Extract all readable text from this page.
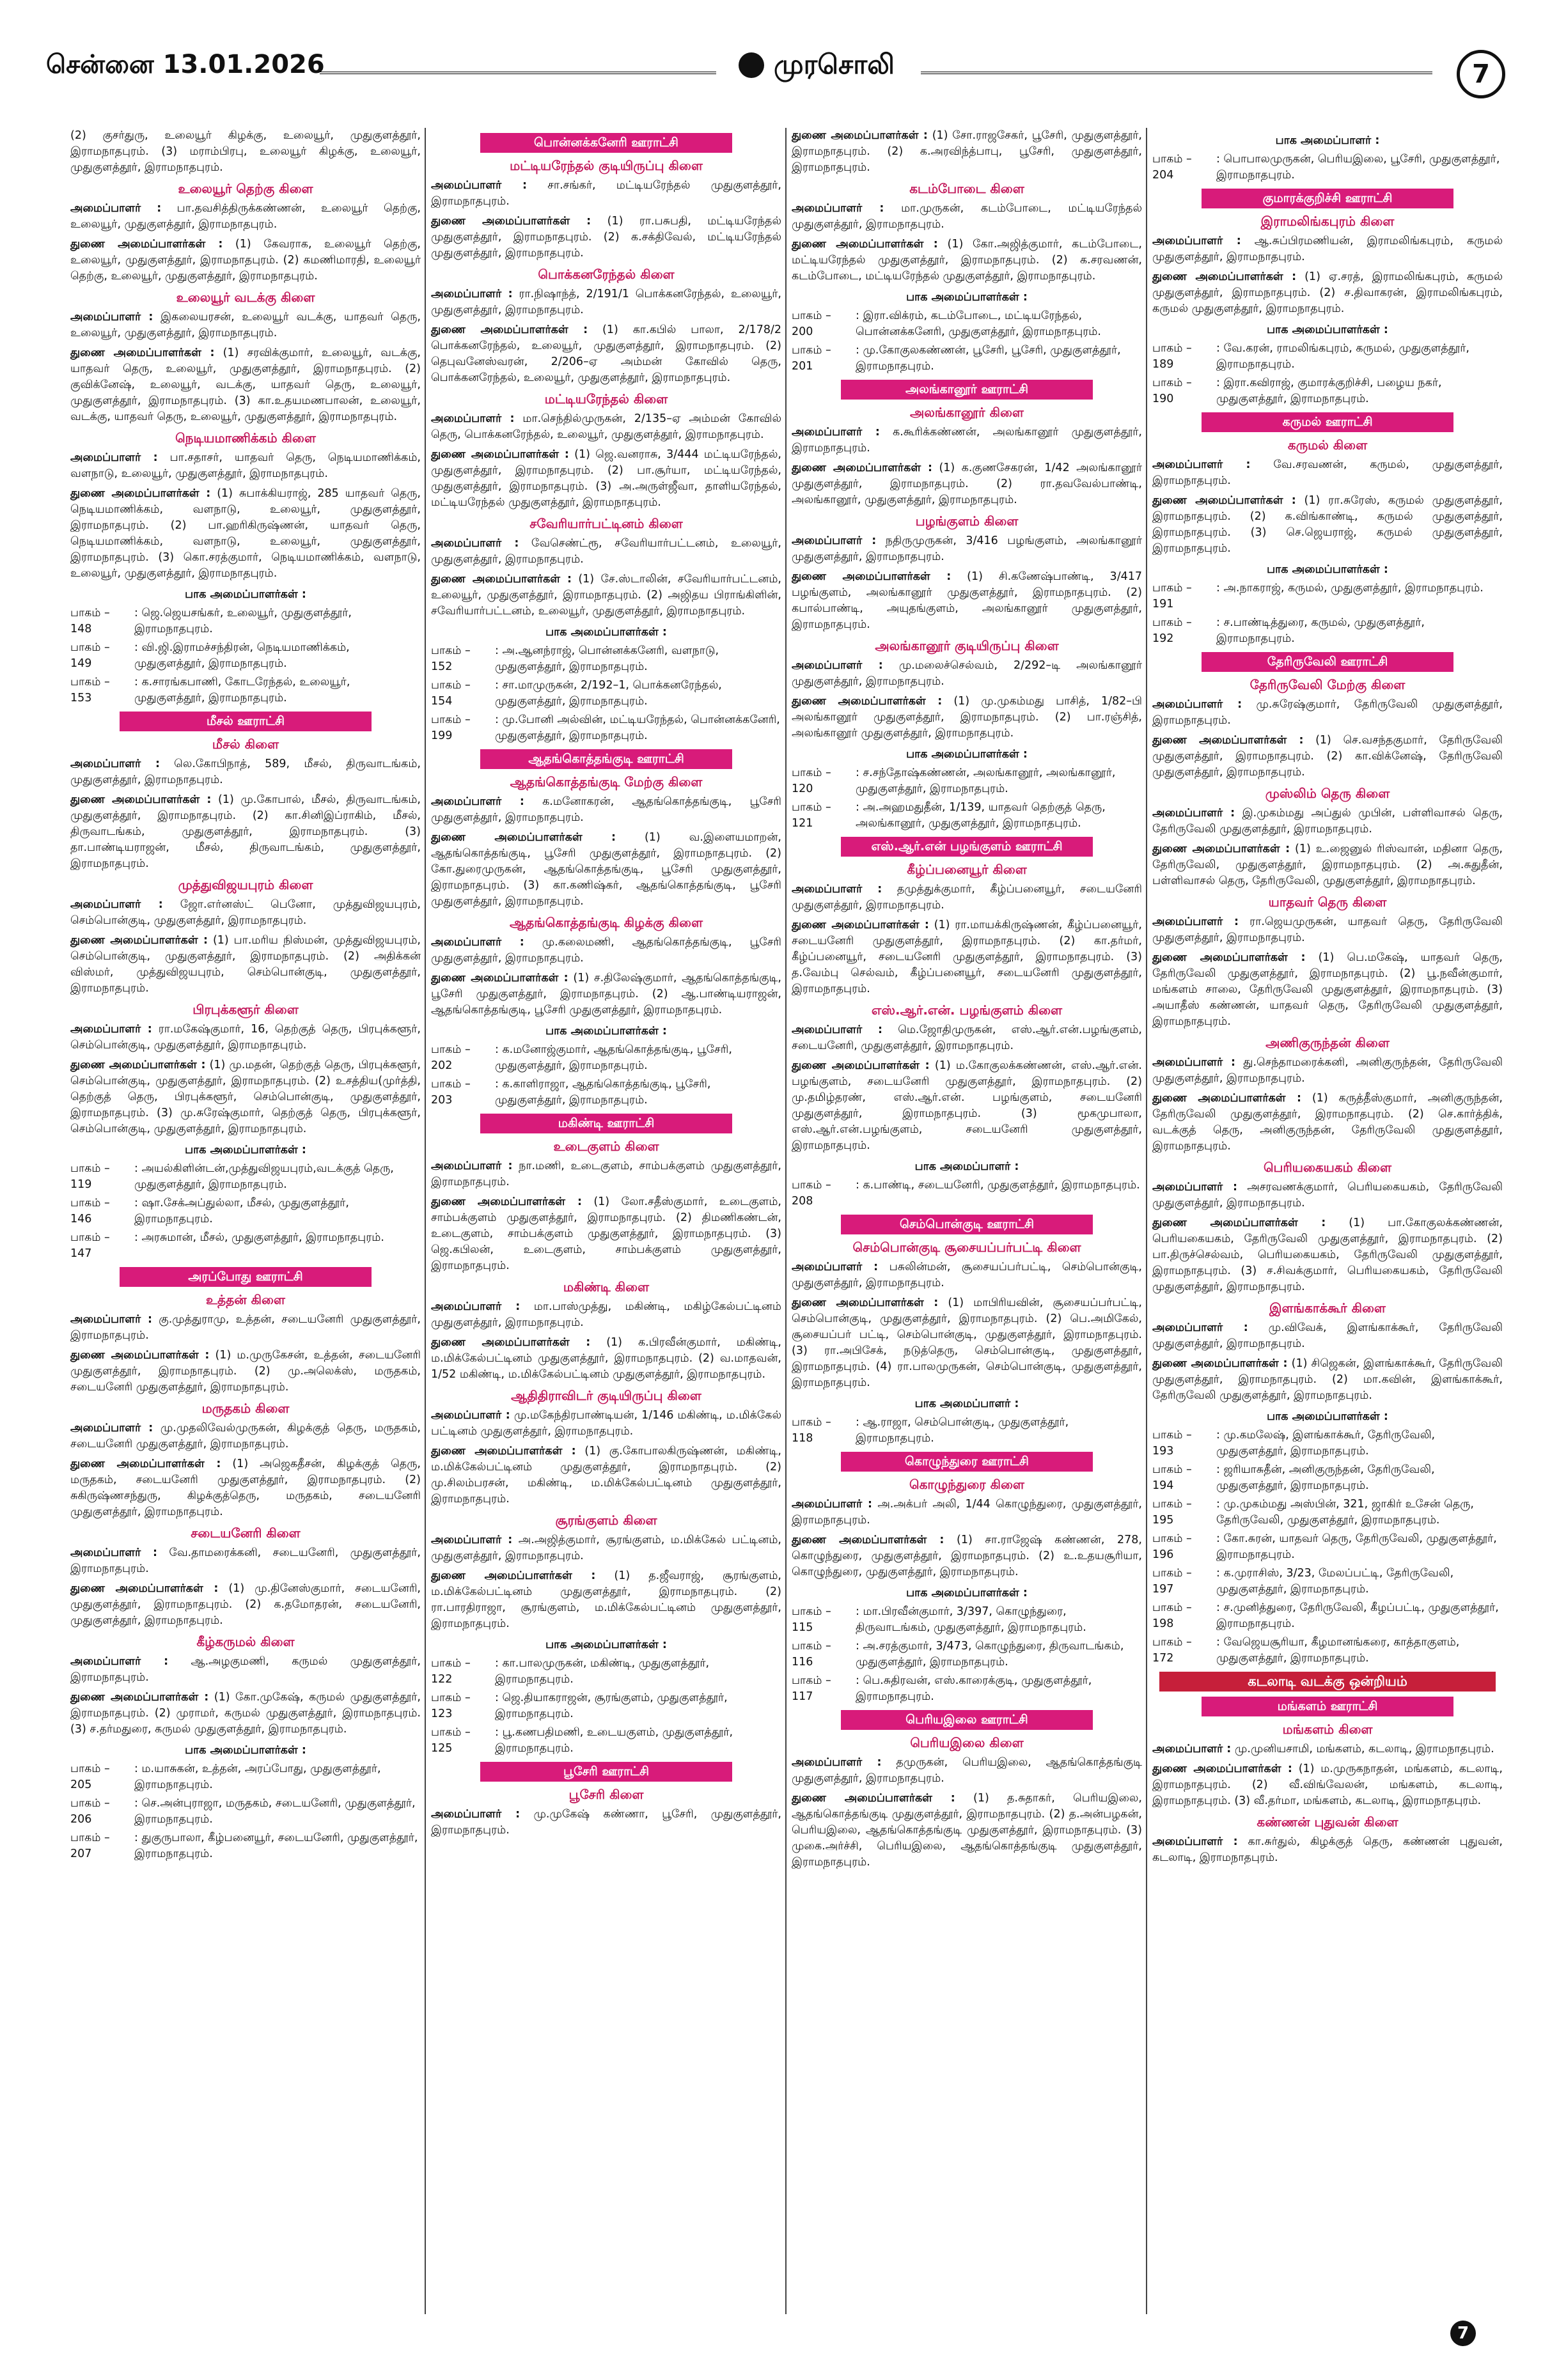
சென்னை 13.01.2026	முரசொலி	7

(2) குசர்துரு, உலையூர் கிழக்கு, உலையூர், முதுகுளத்தூர், இராமநாதபுரம். (3) மராம்பிரபு, உலையூர் கிழக்கு, உலையூர், முதுகுளத்தூர், இராமநாதபுரம்.

உலையூர் தெற்கு கிளை

அமைப்பாளர் : பா.தவசித்திருக்கண்ணன், உலையூர் தெற்கு, உலையூர், முதுகுளத்தூர், இராமநாதபுரம்.

துணை அமைப்பாளர்கள் : (1) கேவராக, உலையூர் தெற்கு, உலையூர், முதுகுளத்தூர், இராமநாதபுரம். (2) கமணிமாரதி, உலையூர் தெற்கு, உலையூர், முதுகுளத்தூர், இராமநாதபுரம்.

உலையூர் வடக்கு கிளை

அமைப்பாளர் : இகலையரசன், உலையூர் வடக்கு, யாதவர் தெரு, உலையூர், முதுகுளத்தூர், இராமநாதபுரம்.

துணை அமைப்பாளர்கள் : (1) சரவிக்குமார், உலையூர், வடக்கு, யாதவர் தெரு, உலையூர், முதுகுளத்தூர், இராமநாதபுரம். (2) குவிக்னேஷ், உலையூர், வடக்கு, யாதவர் தெரு, உலையூர், முதுகுளத்தூர், இராமநாதபுரம். (3) கா.உதயமணபாலன், உலையூர், வடக்கு, யாதவர் தெரு, உலையூர், முதுகுளத்தூர், இராமநாதபுரம்.

நெடியமாணிக்கம் கிளை

அமைப்பாளர் : பா.சதாசர், யாதவர் தெரு, நெடியமாணிக்கம், வளநாடு, உலையூர், முதுகுளத்தூர், இராமநாதபுரம்.

துணை அமைப்பாளர்கள் : (1) சுபாக்கியராஜ், 285 யாதவர் தெரு, நெடியமாணிக்கம், வளநாடு, உலையூர், முதுகுளத்தூர், இராமநாதபுரம். (2) பா.ஹரிகிருஷ்ணன், யாதவர் தெரு, நெடியமாணிக்கம், வளநாடு, உலையூர், முதுகுளத்தூர், இராமநாதபுரம். (3) கொ.சரத்குமார், நெடியமாணிக்கம், வளநாடு, உலையூர், முதுகுளத்தூர், இராமநாதபுரம்.

பாக அமைப்பாளர்கள் :
பாகம் – 148
: ஜெ.ஜெயசங்கர், உலையூர், முதுகுளத்தூர், இராமநாதபுரம்.
பாகம் – 149
: வி.ஜி.இராமச்சந்திரன், நெடியமாணிக்கம், முதுகுளத்தூர், இராமநாதபுரம்.
பாகம் – 153
: க.சாரங்கபாணி, கோடரேந்தல், உலையூர், முதுகுளத்தூர், இராமநாதபுரம்.
மீசல் ஊராட்சி
மீசல் கிளை

அமைப்பாளர் : லெ.கோபிநாத், 589, மீசல், திருவாடங்கம், முதுகுளத்தூர், இராமநாதபுரம்.

துணை அமைப்பாளர்கள் : (1) மு.கோபால், மீசல், திருவாடங்கம், முதுகுளத்தூர், இராமநாதபுரம். (2) கா.சினிஇப்ராகிம், மீசல், திருவாடங்கம், முதுகுளத்தூர், இராமநாதபுரம். (3) தா.பாண்டியராஜன், மீசல், திருவாடங்கம், முதுகுளத்தூர், இராமநாதபுரம்.

முத்துவிஜயபுரம் கிளை

அமைப்பாளர் : ஜோ.எர்னஸ்ட் பெனோ, முத்துவிஜயபுரம், செம்பொன்குடி, முதுகுளத்தூர், இராமநாதபுரம்.

துணை அமைப்பாளர்கள் : (1) பா.மரிய நிஸ்மன், முத்துவிஜயபுரம், செம்பொன்குடி, முதுகுளத்தூர், இராமநாதபுரம். (2) அதிக்கன் விஸ்மர், முத்துவிஜயபுரம், செம்பொன்குடி, முதுகுளத்தூர், இராமநாதபுரம்.

பிரபுக்களூர் கிளை

அமைப்பாளர் : ரா.மகேஷ்குமார், 16, தெற்குத் தெரு, பிரபுக்களூர், செம்பொன்குடி, முதுகுளத்தூர், இராமநாதபுரம்.

துணை அமைப்பாளர்கள் : (1) மு.மதன், தெற்குத் தெரு, பிரபுக்களூர், செம்பொன்குடி, முதுகுளத்தூர், இராமநாதபுரம். (2) உசத்திய(முர்த்தி, தெற்குத் தெரு, பிரபுக்களூர், செம்பொன்குடி, முதுகுளத்தூர், இராமநாதபுரம். (3) மு.சுரேஷ்குமார், தெற்குத் தெரு, பிரபுக்களூர், செம்பொன்குடி, முதுகுளத்தூர், இராமநாதபுரம்.

பாக அமைப்பாளர்கள் :
பாகம் – 119
: அயல்கிளின்டன்,முத்துவிஜயபுரம்,வடக்குத் தெரு, முதுகுளத்தூர், இராமநாதபுரம்.
பாகம் – 146
: ஷா.சேக்அப்துல்லா, மீசல், முதுகுளத்தூர், இராமநாதபுரம்.
பாகம் – 147
: அரசுமான், மீசல், முதுகுளத்தூர், இராமநாதபுரம்.
அரப்போது ஊராட்சி
உத்தன் கிளை

அமைப்பாளர் : கு.முத்துராமு, உத்தன், சடையனேரி முதுகுளத்தூர், இராமநாதபுரம்.

துணை அமைப்பாளர்கள் : (1) ம.முருகேசன், உத்தன், சடையனேரி முதுகுளத்தூர், இராமநாதபுரம். (2) மு.அலெக்ஸ், மருதகம், சடையனேரி முதுகுளத்தூர், இராமநாதபுரம்.

மருதகம் கிளை

அமைப்பாளர் : மு.முதலிவேல்முருகன், கிழக்குத் தெரு, மருதகம், சடையனேரி முதுகுளத்தூர், இராமநாதபுரம்.

துணை அமைப்பாளர்கள் : (1) அஜெகதீசன், கிழக்குத் தெரு, மருதகம், சடையனேரி முதுகுளத்தூர், இராமநாதபுரம். (2) சுகிருஷ்ணசந்துரு, கிழக்குத்தெரு, மருதகம், சடையனேரி முதுகுளத்தூர், இராமநாதபுரம்.

சடையனேரி கிளை

அமைப்பாளர் : வே.தாமரைக்கனி, சடையனேரி, முதுகுளத்தூர், இராமநாதபுரம்.

துணை அமைப்பாளர்கள் : (1) மு.தினேஸ்குமார், சடையனேரி, முதுகுளத்தூர், இராமநாதபுரம். (2) க.தமோதரன், சடையனேரி, முதுகுளத்தூர், இராமநாதபுரம்.

கீழ்கருமல் கிளை

அமைப்பாளர் : ஆ.அழகுமணி, கருமல் முதுகுளத்தூர், இராமநாதபுரம்.

துணை அமைப்பாளர்கள் : (1) கோ.முகேஷ், கருமல் முதுகுளத்தூர், இராமநாதபுரம். (2) முராமர், கருமல் முதுகுளத்தூர், இராமநாதபுரம். (3) ச.தர்மதுரை, கருமல் முதுகுளத்தூர், இராமநாதபுரம்.

பாக அமைப்பாளர்கள் :
பாகம் – 205
: ம.யாசுகன், உத்தன், அரப்போது, முதுகுளத்தூர், இராமநாதபுரம்.
பாகம் – 206
: செ.அன்புராஜா, மருதகம், சடையனேரி, முதுகுளத்தூர், இராமநாதபுரம்.
பாகம் – 207
: துகுருபாலா, கீழ்பனையூர், சடையனேரி, முதுகுளத்தூர், இராமநாதபுரம்.
பொன்னக்கனேரி ஊராட்சி
மட்டியரேந்தல் குடியிருப்பு கிளை

அமைப்பாளர் : சா.சங்கர், மட்டியரேந்தல் முதுகுளத்தூர், இராமநாதபுரம்.

துணை அமைப்பாளர்கள் : (1) ரா.பசுபதி, மட்டியரேந்தல் முதுகுளத்தூர், இராமநாதபுரம். (2) க.சக்திவேல், மட்டியரேந்தல் முதுகுளத்தூர், இராமநாதபுரம்.

பொக்கனரேந்தல் கிளை

அமைப்பாளர் : ரா.நிஷாந்த், 2/191/1 பொக்கனரேந்தல், உலையூர், முதுகுளத்தூர், இராமநாதபுரம்.

துணை அமைப்பாளர்கள் : (1) கா.கபில் பாலா, 2/178/2 பொக்கனரேந்தல், உலையூர், முதுகுளத்தூர், இராமநாதபுரம். (2) தெபுவனேஸ்வரன், 2/206–ஏ அம்மன் கோவில் தெரு, பொக்கனரேந்தல், உலையூர், முதுகுளத்தூர், இராமநாதபுரம்.

மட்டியரேந்தல் கிளை

அமைப்பாளர் : மா.செந்தில்முருகன், 2/135–ஏ அம்மன் கோவில் தெரு, பொக்கனரேந்தல், உலையூர், முதுகுளத்தூர், இராமநாதபுரம்.

துணை அமைப்பாளர்கள் : (1) ஜெ.வனராசு, 3/444 மட்டியரேந்தல், முதுகுளத்தூர், இராமநாதபுரம். (2) பா.சூர்யா, மட்டியரேந்தல், முதுகுளத்தூர், இராமநாதபுரம். (3) அ.அருள்ஜீவா, தாளியரேந்தல், மட்டியரேந்தல் முதுகுளத்தூர், இராமநாதபுரம்.

சவேரியார்பட்டினம் கிளை

அமைப்பாளர் : வேசெண்ட்ரூ, சவேரியார்பட்டனம், உலையூர், முதுகுளத்தூர், இராமநாதபுரம்.

துணை அமைப்பாளர்கள் : (1) சே.ஸ்டாலின், சவேரியார்பட்டனம், உலையூர், முதுகுளத்தூர், இராமநாதபுரம். (2) அஜிதய பிராங்கிளின், சவேரியார்பட்டனம், உலையூர், முதுகுளத்தூர், இராமநாதபுரம்.

பாக அமைப்பாளர்கள் :
பாகம் – 152
: அ.ஆனந்ராஜ், பொன்னக்கனேரி, வளநாடு, முதுகுளத்தூர், இராமநாதபுரம்.
பாகம் – 154
: சா.மாமுருகன், 2/192–1, பொக்கனரேந்தல், முதுகுளத்தூர், இராமநாதபுரம்.
பாகம் – 199
: மு.போனி அல்வின், மட்டியரேந்தல், பொன்னக்கனேரி, முதுகுளத்தூர், இராமநாதபுரம்.
ஆதங்கொத்தங்குடி ஊராட்சி
ஆதங்கொத்தங்குடி மேற்கு கிளை

அமைப்பாளர் : க.மனோகரன், ஆதங்கொத்தங்குடி, பூசேரி முதுகுளத்தூர், இராமநாதபுரம்.

துணை அமைப்பாளர்கள் :	(1) வ.இளையமாறன், ஆதங்கொத்தங்குடி, பூசேரி முதுகுளத்தூர், இராமநாதபுரம். (2) கோ.துரைமுருகன், ஆதங்கொத்தங்குடி, பூசேரி முதுகுளத்தூர், இராமநாதபுரம். (3) கா.கணிஷ்கர், ஆதங்கொத்தங்குடி, பூசேரி முதுகுளத்தூர், இராமநாதபுரம்.

ஆதங்கொத்தங்குடி கிழக்கு கிளை

அமைப்பாளர் : மு.கலைமணி, ஆதங்கொத்தங்குடி, பூசேரி முதுகுளத்தூர், இராமநாதபுரம்.

துணை அமைப்பாளர்கள் : (1) ச.திலேஷ்குமார், ஆதங்கொத்தங்குடி, பூசேரி முதுகுளத்தூர், இராமநாதபுரம். (2) ஆ.பாண்டியராஜன், ஆதங்கொத்தங்குடி, பூசேரி முதுகுளத்தூர், இராமநாதபுரம்.

பாக அமைப்பாளர்கள் :
பாகம் – 202
: க.மனோஜ்குமார், ஆதங்கொத்தங்குடி, பூசேரி, முதுகுளத்தூர், இராமநாதபுரம்.
பாகம் – 203
: க.காளிராஜா, ஆதங்கொத்தங்குடி, பூசேரி, முதுகுளத்தூர், இராமநாதபுரம்.
மகிண்டி ஊராட்சி
உடைகுளம் கிளை

அமைப்பாளர் : நா.மணி, உடைகுளம், சாம்பக்குளம் முதுகுளத்தூர், இராமநாதபுரம்.

துணை அமைப்பாளர்கள் : (1) லோ.சதீஸ்குமார், உடைகுளம், சாம்பக்குளம் முதுகுளத்தூர், இராமநாதபுரம். (2) திமணிகண்டன், உடைகுளம், சாம்பக்குளம் முதுகுளத்தூர், இராமநாதபுரம். (3) ஜெ.கபிலன், உடைகுளம், சாம்பக்குளம் முதுகுளத்தூர், இராமநாதபுரம்.

மகிண்டி கிளை

அமைப்பாளர் : மா.பாஸ்முத்து, மகிண்டி, மகிழ்கேல்பட்டினம் முதுகுளத்தூர், இராமநாதபுரம்.

துணை அமைப்பாளர்கள் : (1) க.பிரவீன்குமார், மகிண்டி, ம.மிக்கேல்பட்டினம் முதுகுளத்தூர், இராமநாதபுரம். (2) வ.மாதவன், 1/52 மகிண்டி, ம.மிக்கேல்பட்டினம் முதுகுளத்தூர், இராமநாதபுரம்.

ஆதிதிராவிடர் குடியிருப்பு கிளை

அமைப்பாளர் : மு.மகேந்திரபாண்டியன், 1/146 மகிண்டி, ம.மிக்கேல் பட்டினம் முதுகுளத்தூர், இராமநாதபுரம்.

துணை அமைப்பாளர்கள் : (1) கு.கோபாலகிருஷ்ணன், மகிண்டி, ம.மிக்கேல்பட்டினம் முதுகுளத்தூர், இராமநாதபுரம். (2) மு.சிலம்பரசன், மகிண்டி, ம.மிக்கேல்பட்டினம் முதுகுளத்தூர், இராமநாதபுரம்.

சூரங்குளம் கிளை

அமைப்பாளர் : அ.அஜித்குமார், சூரங்குளம், ம.மிக்கேல் பட்டினம், முதுகுளத்தூர், இராமநாதபுரம்.

துணை அமைப்பாளர்கள் : (1) த.ஜீவராஜ், சூரங்குளம், ம.மிக்கேல்பட்டினம் முதுகுளத்தூர், இராமநாதபுரம். (2) ரா.பாரதிராஜா, சூரங்குளம், ம.மிக்கேல்பட்டினம் முதுகுளத்தூர், இராமநாதபுரம்.

பாக அமைப்பாளர்கள் :
பாகம் – 122
: கா.பாலமுருகன், மகிண்டி, முதுகுளத்தூர், இராமநாதபுரம்.
பாகம் – 123
: ஜெ.தியாகராஜன், சூரங்குளம், முதுகுளத்தூர், இராமநாதபுரம்.
பாகம் – 125
: பூ.கணபதிமணி, உடையகுளம், முதுகுளத்தூர், இராமநாதபுரம்.
பூசேரி ஊராட்சி
பூசேரி கிளை

அமைப்பாளர் : மு.முகேஷ் கண்ணா, பூசேரி, முதுகுளத்தூர், இராமநாதபுரம்.

துணை அமைப்பாளர்கள் : (1) சோ.ராஜசேகர், பூசேரி, முதுகுளத்தூர், இராமநாதபுரம். (2) க.அரவிந்த்பாபு, பூசேரி, முதுகுளத்தூர், இராமநாதபுரம்.

கடம்போடை கிளை

அமைப்பாளர் : மா.முருகன், கடம்போடை, மட்டியரேந்தல் முதுகுளத்தூர், இராமநாதபுரம்.

துணை அமைப்பாளர்கள் : (1) கோ.அஜித்குமார், கடம்போடை, மட்டியரேந்தல் முதுகுளத்தூர், இராமநாதபுரம். (2) க.சரவணன், கடம்போடை, மட்டியரேந்தல் முதுகுளத்தூர், இராமநாதபுரம்.

பாக அமைப்பாளர்கள் :
பாகம் – 200
: இரா.விக்ரம், கடம்போடை, மட்டியரேந்தல், பொன்னக்கனேரி, முதுகுளத்தூர், இராமநாதபுரம்.
பாகம் – 201
: மு.கோகுலகண்ணன், பூசேரி, பூசேரி, முதுகுளத்தூர், இராமநாதபுரம்.
அலங்கானூர் ஊராட்சி
அலங்கானூர் கிளை

அமைப்பாளர் : க.கூரிக்கண்ணன், அலங்கானூர் முதுகுளத்தூர், இராமநாதபுரம்.

துணை அமைப்பாளர்கள் : (1) க.குணசேகரன், 1/42 அலங்கானூர் முதுகுளத்தூர், இராமநாதபுரம். (2) ரா.தவவேல்பாண்டி, அலங்கானூர், முதுகுளத்தூர், இராமநாதபுரம்.

பழங்குளம் கிளை

அமைப்பாளர் : நதிருமுருகன், 3/416 பழங்குளம், அலங்கானூர் முதுகுளத்தூர், இராமநாதபுரம்.

துணை அமைப்பாளர்கள் : (1) சி.கணேஷ்பாண்டி, 3/417 பழங்குளம், அலங்கானூர் முதுகுளத்தூர், இராமநாதபுரம். (2) கபால்பாண்டி, அயுதங்குளம், அலங்கானூர் முதுகுளத்தூர், இராமநாதபுரம்.

அலங்கானூர் குடியிருப்பு கிளை

அமைப்பாளர் : மு.மலைச்செல்வம், 2/292–டி அலங்கானூர் முதுகுளத்தூர், இராமநாதபுரம்.

துணை அமைப்பாளர்கள் : (1) மு.முகம்மது பாசித், 1/82–பி அலங்கானூர் முதுகுளத்தூர், இராமநாதபுரம். (2) பா.ரஞ்சித், அலங்கானூர் முதுகுளத்தூர், இராமநாதபுரம்.

பாக அமைப்பாளர்கள் :
பாகம் – 120
: ச.சந்தோஷ்கண்ணன், அலங்கானூர், அலங்கானூர், முதுகுளத்தூர், இராமநாதபுரம்.
பாகம் – 121
: அ.அஹமதுதீன், 1/139, யாதவர் தெற்குத் தெரு, அலங்கானூர், முதுகுளத்தூர், இராமநாதபுரம்.
எஸ்.ஆர்.என் பழங்குளம் ஊராட்சி
கீழ்ப்பனையூர் கிளை

அமைப்பாளர் : தமுத்துக்குமார், கீழ்ப்பனையூர், சடையனேரி முதுகுளத்தூர், இராமநாதபுரம்.

துணை அமைப்பாளர்கள் : (1) ரா.மாயக்கிருஷ்ணன், கீழ்ப்பனையூர், சடையனேரி முதுகுளத்தூர், இராமநாதபுரம். (2) கா.தர்மர், கீழ்ப்பனையூர், சடையனேரி முதுகுளத்தூர், இராமநாதபுரம். (3) த.வேம்பு செல்வம், கீழ்ப்பனையூர், சடையனேரி முதுகுளத்தூர், இராமநாதபுரம்.

எஸ்.ஆர்.என். பழங்குளம் கிளை

அமைப்பாளர் : மெ.ஜோதிமுருகன், எஸ்.ஆர்.என்.பழங்குளம், சடையனேரி, முதுகுளத்தூர், இராமநாதபுரம்.

துணை அமைப்பாளர்கள் : (1) ம.கோகுலக்கண்ணன், எஸ்.ஆர்.என். பழங்குளம், சடையனேரி முதுகுளத்தூர், இராமநாதபுரம். (2) மு.தமிழ்தரண், எஸ்.ஆர்.என். பழங்குளம், சடையனேரி முதுகுளத்தூர், இராமநாதபுரம். (3) மூகமுபாலா, எஸ்.ஆர்.என்.பழங்குளம், சடையனேரி முதுகுளத்தூர், இராமநாதபுரம்.

பாக அமைப்பாளர் :
பாகம் – 208
: க.பாண்டி, சடையனேரி, முதுகுளத்தூர், இராமநாதபுரம்.
செம்பொன்குடி ஊராட்சி
செம்பொன்குடி சூசையப்பர்பட்டி கிளை

அமைப்பாளர் : பசுலின்மன், சூசையப்பர்பட்டி, செம்பொன்குடி, முதுகுளத்தூர், இராமநாதபுரம்.

துணை அமைப்பாளர்கள் : (1) மாபிரியவின், சூசையப்பர்பட்டி, செம்பொன்குடி, முதுகுளத்தூர், இராமநாதபுரம். (2) பெ.அமிகேல், சூசையப்பர் பட்டி, செம்பொன்குடி, முதுகுளத்தூர், இராமநாதபுரம். (3) ரா.அபிசேக், நடுத்தெரு, செம்பொன்குடி, முதுகுளத்தூர், இராமநாதபுரம். (4) ரா.பாலமுருகன், செம்பொன்குடி, முதுகுளத்தூர், இராமநாதபுரம்.

பாக அமைப்பாளர் :
பாகம் – 118
: ஆ.ராஜா, செம்பொன்குடி, முதுகுளத்தூர், இராமநாதபுரம்.
கொழுந்துரை ஊராட்சி
கொழுந்துரை கிளை

அமைப்பாளர் : அ.அக்பர் அலி, 1/44 கொழுந்துரை, முதுகுளத்தூர், இராமநாதபுரம்.

துணை அமைப்பாளர்கள் : (1) சா.ராஜேஷ் கண்ணன், 278, கொழுந்துரை, முதுகுளத்தூர், இராமநாதபுரம். (2) உ.உதயசூரியா, கொழுந்துரை, முதுகுளத்தூர், இராமநாதபுரம்.

பாக அமைப்பாளர்கள் :
பாகம் – 115
: மா.பிரவீன்குமார், 3/397, கொழுந்துரை, திருவாடங்கம், முதுகுளத்தூர், இராமநாதபுரம்.
பாகம் – 116
: அ.சரத்குமார், 3/473, கொழுந்துரை, திருவாடங்கம், முதுகுளத்தூர், இராமநாதபுரம்.
பாகம் – 117
: பெ.சுதிரவன், எஸ்.காரைக்குடி, முதுகுளத்தூர், இராமநாதபுரம்.
பெரியஇலை ஊராட்சி
பெரியஇலை கிளை

அமைப்பாளர் : தமுருகன், பெரியஇலை, ஆதங்கொத்தங்குடி முதுகுளத்தூர், இராமநாதபுரம்.

துணை அமைப்பாளர்கள் : (1) த.சுதாகர், பெரியஇலை, ஆதங்கொத்தங்குடி முதுகுளத்தூர், இராமநாதபுரம். (2) த.அன்பழகன், பெரியஇலை, ஆதங்கொத்தங்குடி முதுகுளத்தூர், இராமநாதபுரம். (3) முகை.அர்ச்சி, பெரியஇலை, ஆதங்கொத்தங்குடி முதுகுளத்தூர், இராமநாதபுரம்.

பாக அமைப்பாளர் :
பாகம் – 204
: பொபாலமுருகன், பெரியஇலை, பூசேரி, முதுகுளத்தூர், இராமநாதபுரம்.
குமாரக்குறிச்சி ஊராட்சி
இராமலிங்கபுரம் கிளை

அமைப்பாளர் : ஆ.சுப்பிரமணியன், இராமலிங்கபுரம், கருமல் முதுகுளத்தூர், இராமநாதபுரம்.

துணை அமைப்பாளர்கள் : (1) ஏ.சரத், இராமலிங்கபுரம், கருமல் முதுகுளத்தூர், இராமநாதபுரம். (2) ச.திவாகரன், இராமலிங்கபுரம், கருமல் முதுகுளத்தூர், இராமநாதபுரம்.

பாக அமைப்பாளர்கள் :
பாகம் – 189
: வே.கரன், ராமலிங்கபுரம், கருமல், முதுகுளத்தூர், இராமநாதபுரம்.
பாகம் – 190
: இரா.கவிராஜ், குமாரக்குறிச்சி, பழைய நகர், முதுகுளத்தூர், இராமநாதபுரம்.
கருமல் ஊராட்சி
கருமல் கிளை

அமைப்பாளர் : வே.சரவணன், கருமல், முதுகுளத்தூர், இராமநாதபுரம்.

துணை அமைப்பாளர்கள் : (1) ரா.சுரேஸ், கருமல் முதுகுளத்தூர், இராமநாதபுரம். (2) க.விங்காண்டி, கருமல் முதுகுளத்தூர், இராமநாதபுரம். (3) செ.ஜெயராஜ், கருமல் முதுகுளத்தூர், இராமநாதபுரம்.

பாக அமைப்பாளர்கள் :
பாகம் – 191
: அ.நாகராஜ், கருமல், முதுகுளத்தூர், இராமநாதபுரம்.
பாகம் – 192
: ச.பாண்டித்துரை, கருமல், முதுகுளத்தூர், இராமநாதபுரம்.
தேரிருவேலி ஊராட்சி
தேரிருவேலி மேற்கு கிளை

அமைப்பாளர் : மு.சுரேஷ்குமார், தேரிருவேலி முதுகுளத்தூர், இராமநாதபுரம்.

துணை அமைப்பாளர்கள் : (1) செ.வசந்தகுமார், தேரிருவேலி முதுகுளத்தூர், இராமநாதபுரம். (2) கா.விக்னேஷ், தேரிருவேலி முதுகுளத்தூர், இராமநாதபுரம்.

முஸ்லிம் தெரு கிளை

அமைப்பாளர் : இ.முகம்மது அப்துல் முபின், பள்ளிவாசல் தெரு, தேரிருவேலி முதுகுளத்தூர், இராமநாதபுரம்.

துணை அமைப்பாளர்கள் : (1) உ.ஜைனுல் ரிஸ்வான், மதினா தெரு, தேரிருவேலி, முதுகுளத்தூர், இராமநாதபுரம். (2) அ.சுதுதீன், பள்ளிவாசல் தெரு, தேரிருவேலி, முதுகுளத்தூர், இராமநாதபுரம்.

யாதவர் தெரு கிளை

அமைப்பாளர் : ரா.ஜெயமுருகன், யாதவர் தெரு, தேரிருவேலி முதுகுளத்தூர், இராமநாதபுரம்.

துணை அமைப்பாளர்கள் : (1) பெ.மகேஷ், யாதவர் தெரு, தேரிருவேலி முதுகுளத்தூர், இராமநாதபுரம். (2) பூ.நவீன்குமார், மங்களம் சாலை, தேரிருவேலி முதுகுளத்தூர், இராமநாதபுரம். (3) அயாதீஸ் கண்ணன், யாதவர் தெரு, தேரிருவேலி முதுகுளத்தூர், இராமநாதபுரம்.

அணிகுருந்தன் கிளை

அமைப்பாளர் : து.செந்தாமரைக்கனி, அனிகுருந்தன், தேரிருவேலி முதுகுளத்தூர், இராமநாதபுரம்.

துணை அமைப்பாளர்கள் : (1) கருத்தீஸ்குமார், அனிகுருந்தன், தேரிருவேலி முதுகுளத்தூர், இராமநாதபுரம். (2) செ.கார்த்திக், வடக்குத் தெரு, அனிகுருந்தன், தேரிருவேலி முதுகுளத்தூர், இராமநாதபுரம்.

பெரியகையகம் கிளை

அமைப்பாளர் : அசரவணக்குமார், பெரியகையகம், தேரிருவேலி முதுகுளத்தூர், இராமநாதபுரம்.

துணை அமைப்பாளர்கள் : (1) பா.கோகுலக்கண்ணன், பெரியகையகம், தேரிருவேலி முதுகுளத்தூர், இராமநாதபுரம். (2) பா.திருச்செல்வம், பெரியகையகம், தேரிருவேலி முதுகுளத்தூர், இராமநாதபுரம். (3) ச.சிவக்குமார், பெரியகையகம், தேரிருவேலி முதுகுளத்தூர், இராமநாதபுரம்.

இளங்காக்கூர் கிளை

அமைப்பாளர் : மு.விவேக், இளங்காக்கூர், தேரிருவேலி முதுகுளத்தூர், இராமநாதபுரம்.

துணை அமைப்பாளர்கள் : (1) சிஜெகன், இளங்காக்கூர், தேரிருவேலி முதுகுளத்தூர், இராமநாதபுரம். (2) மா.கவின், இளங்காக்கூர், தேரிருவேலி முதுகுளத்தூர், இராமநாதபுரம்.

பாக அமைப்பாளர்கள் :
பாகம் – 193
: மு.கமலேஷ், இளங்காக்கூர், தேரிருவேலி, முதுகுளத்தூர், இராமநாதபுரம்.
பாகம் – 194
: ஜரியாசுதீன், அனிகுருந்தன், தேரிருவேலி, முதுகுளத்தூர், இராமநாதபுரம்.
பாகம் – 195
: மு.முகம்மது அஸ்பின், 321, ஜாகிர் உசேன் தெரு, தேரிருவேலி, முதுகுளத்தூர், இராமநாதபுரம்.
பாகம் – 196
: கோ.சுரன், யாதவர் தெரு, தேரிருவேலி, முதுகுளத்தூர், இராமநாதபுரம்.
பாகம் – 197
: க.முராசிஸ், 3/23, மேலப்பட்டி, தேரிருவேலி, முதுகுளத்தூர், இராமநாதபுரம்.
பாகம் – 198
: ச.முனித்துரை, தேரிருவேலி, கீழப்பட்டி, முதுகுளத்தூர், இராமநாதபுரம்.
பாகம் – 172
: வேஜெயசூரியா, கீழமானங்கரை, காத்தாகுளம், முதுகுளத்தூர், இராமநாதபுரம்.
கடலாடி வடக்கு ஒன்றியம்
மங்களம் ஊராட்சி
மங்களம் கிளை

அமைப்பாளர் : மு.முனியசாமி, மங்களம், கடலாடி, இராமநாதபுரம்.

துணை அமைப்பாளர்கள் : (1) ம.முருகநாதன், மங்களம், கடலாடி, இராமநாதபுரம். (2) வீ.விங்வேலன், மங்களம், கடலாடி, இராமநாதபுரம். (3) வீ.தர்மா, மங்களம், கடலாடி, இராமநாதபுரம்.

கண்ணன் புதுவன் கிளை

அமைப்பாளர் : கா.சுர்துல், கிழக்குத் தெரு, கண்ணன் புதுவன், கடலாடி, இராமநாதபுரம்.

7
